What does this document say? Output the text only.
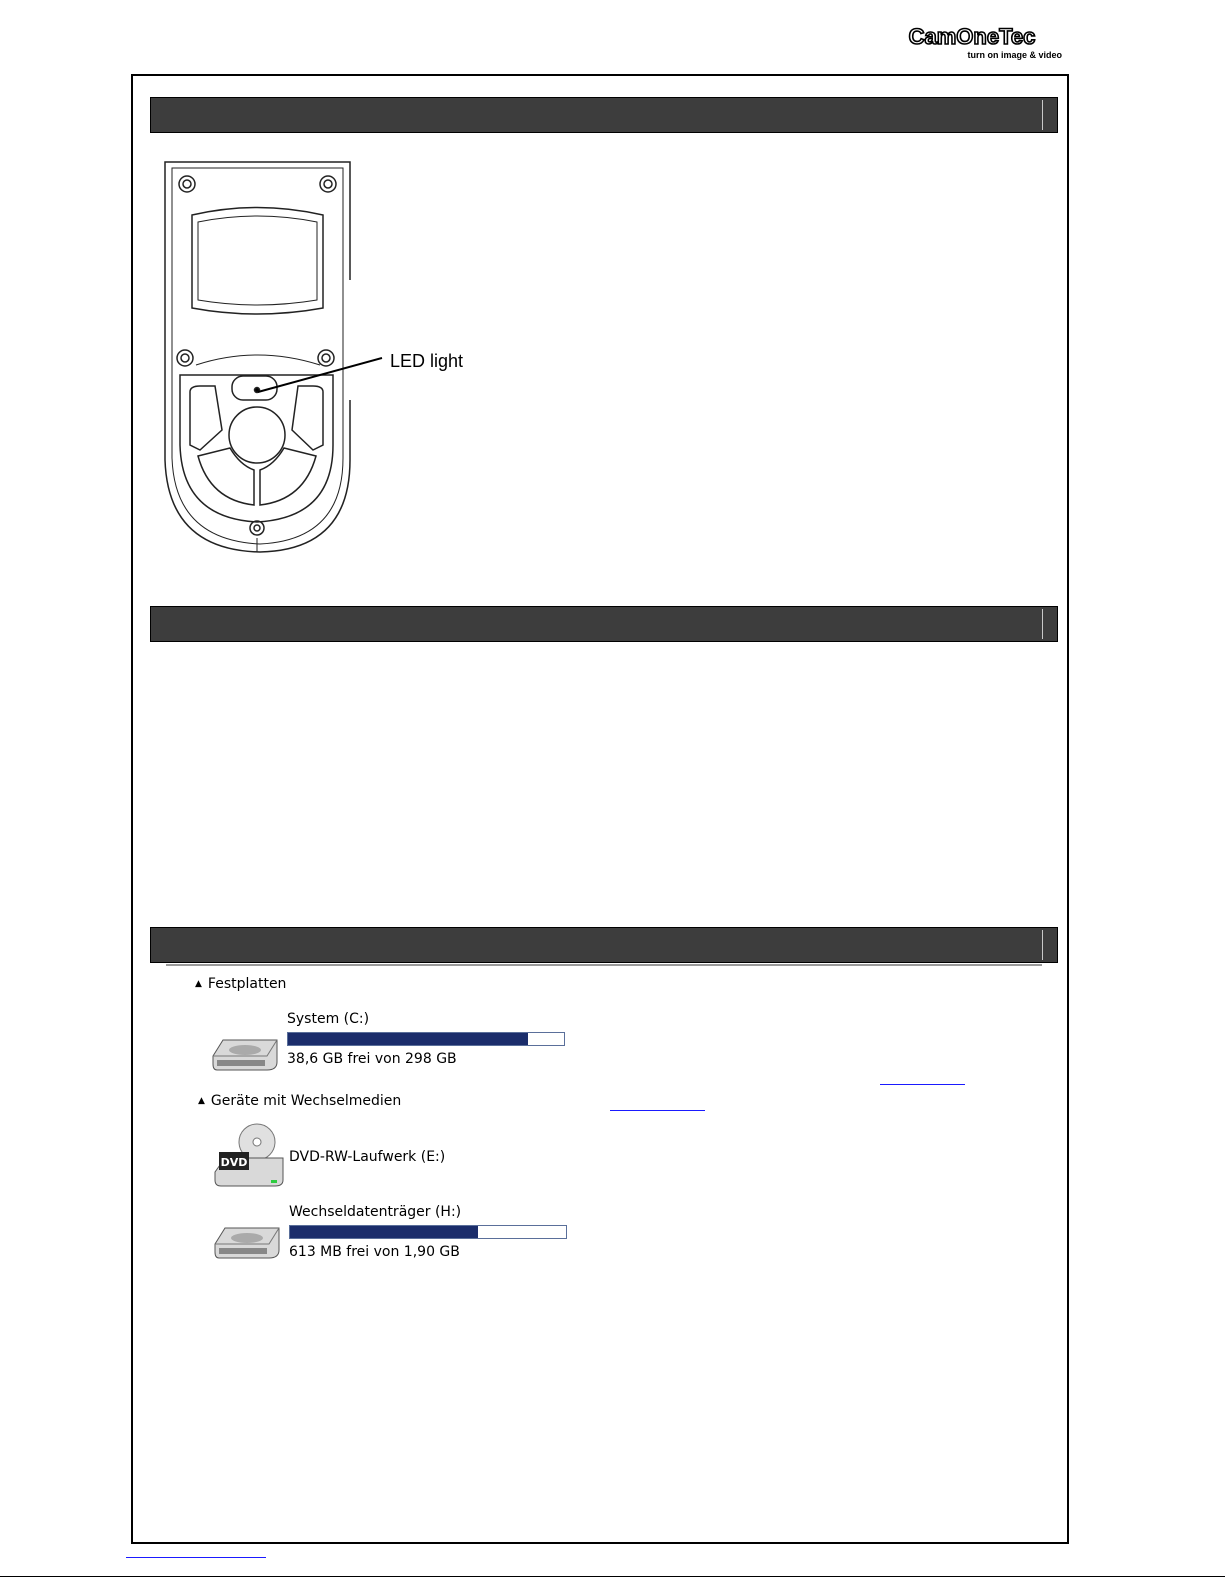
CamOneTec
turn on image & video
LED light
▲ Festplatten
System (C:)
38,6 GB frei von 298 GB
▲ Geräte mit Wechselmedien
DVD	DVD-RW-Laufwerk (E:)
Wechseldatenträger (H:)
613 MB frei von 1,90 GB
